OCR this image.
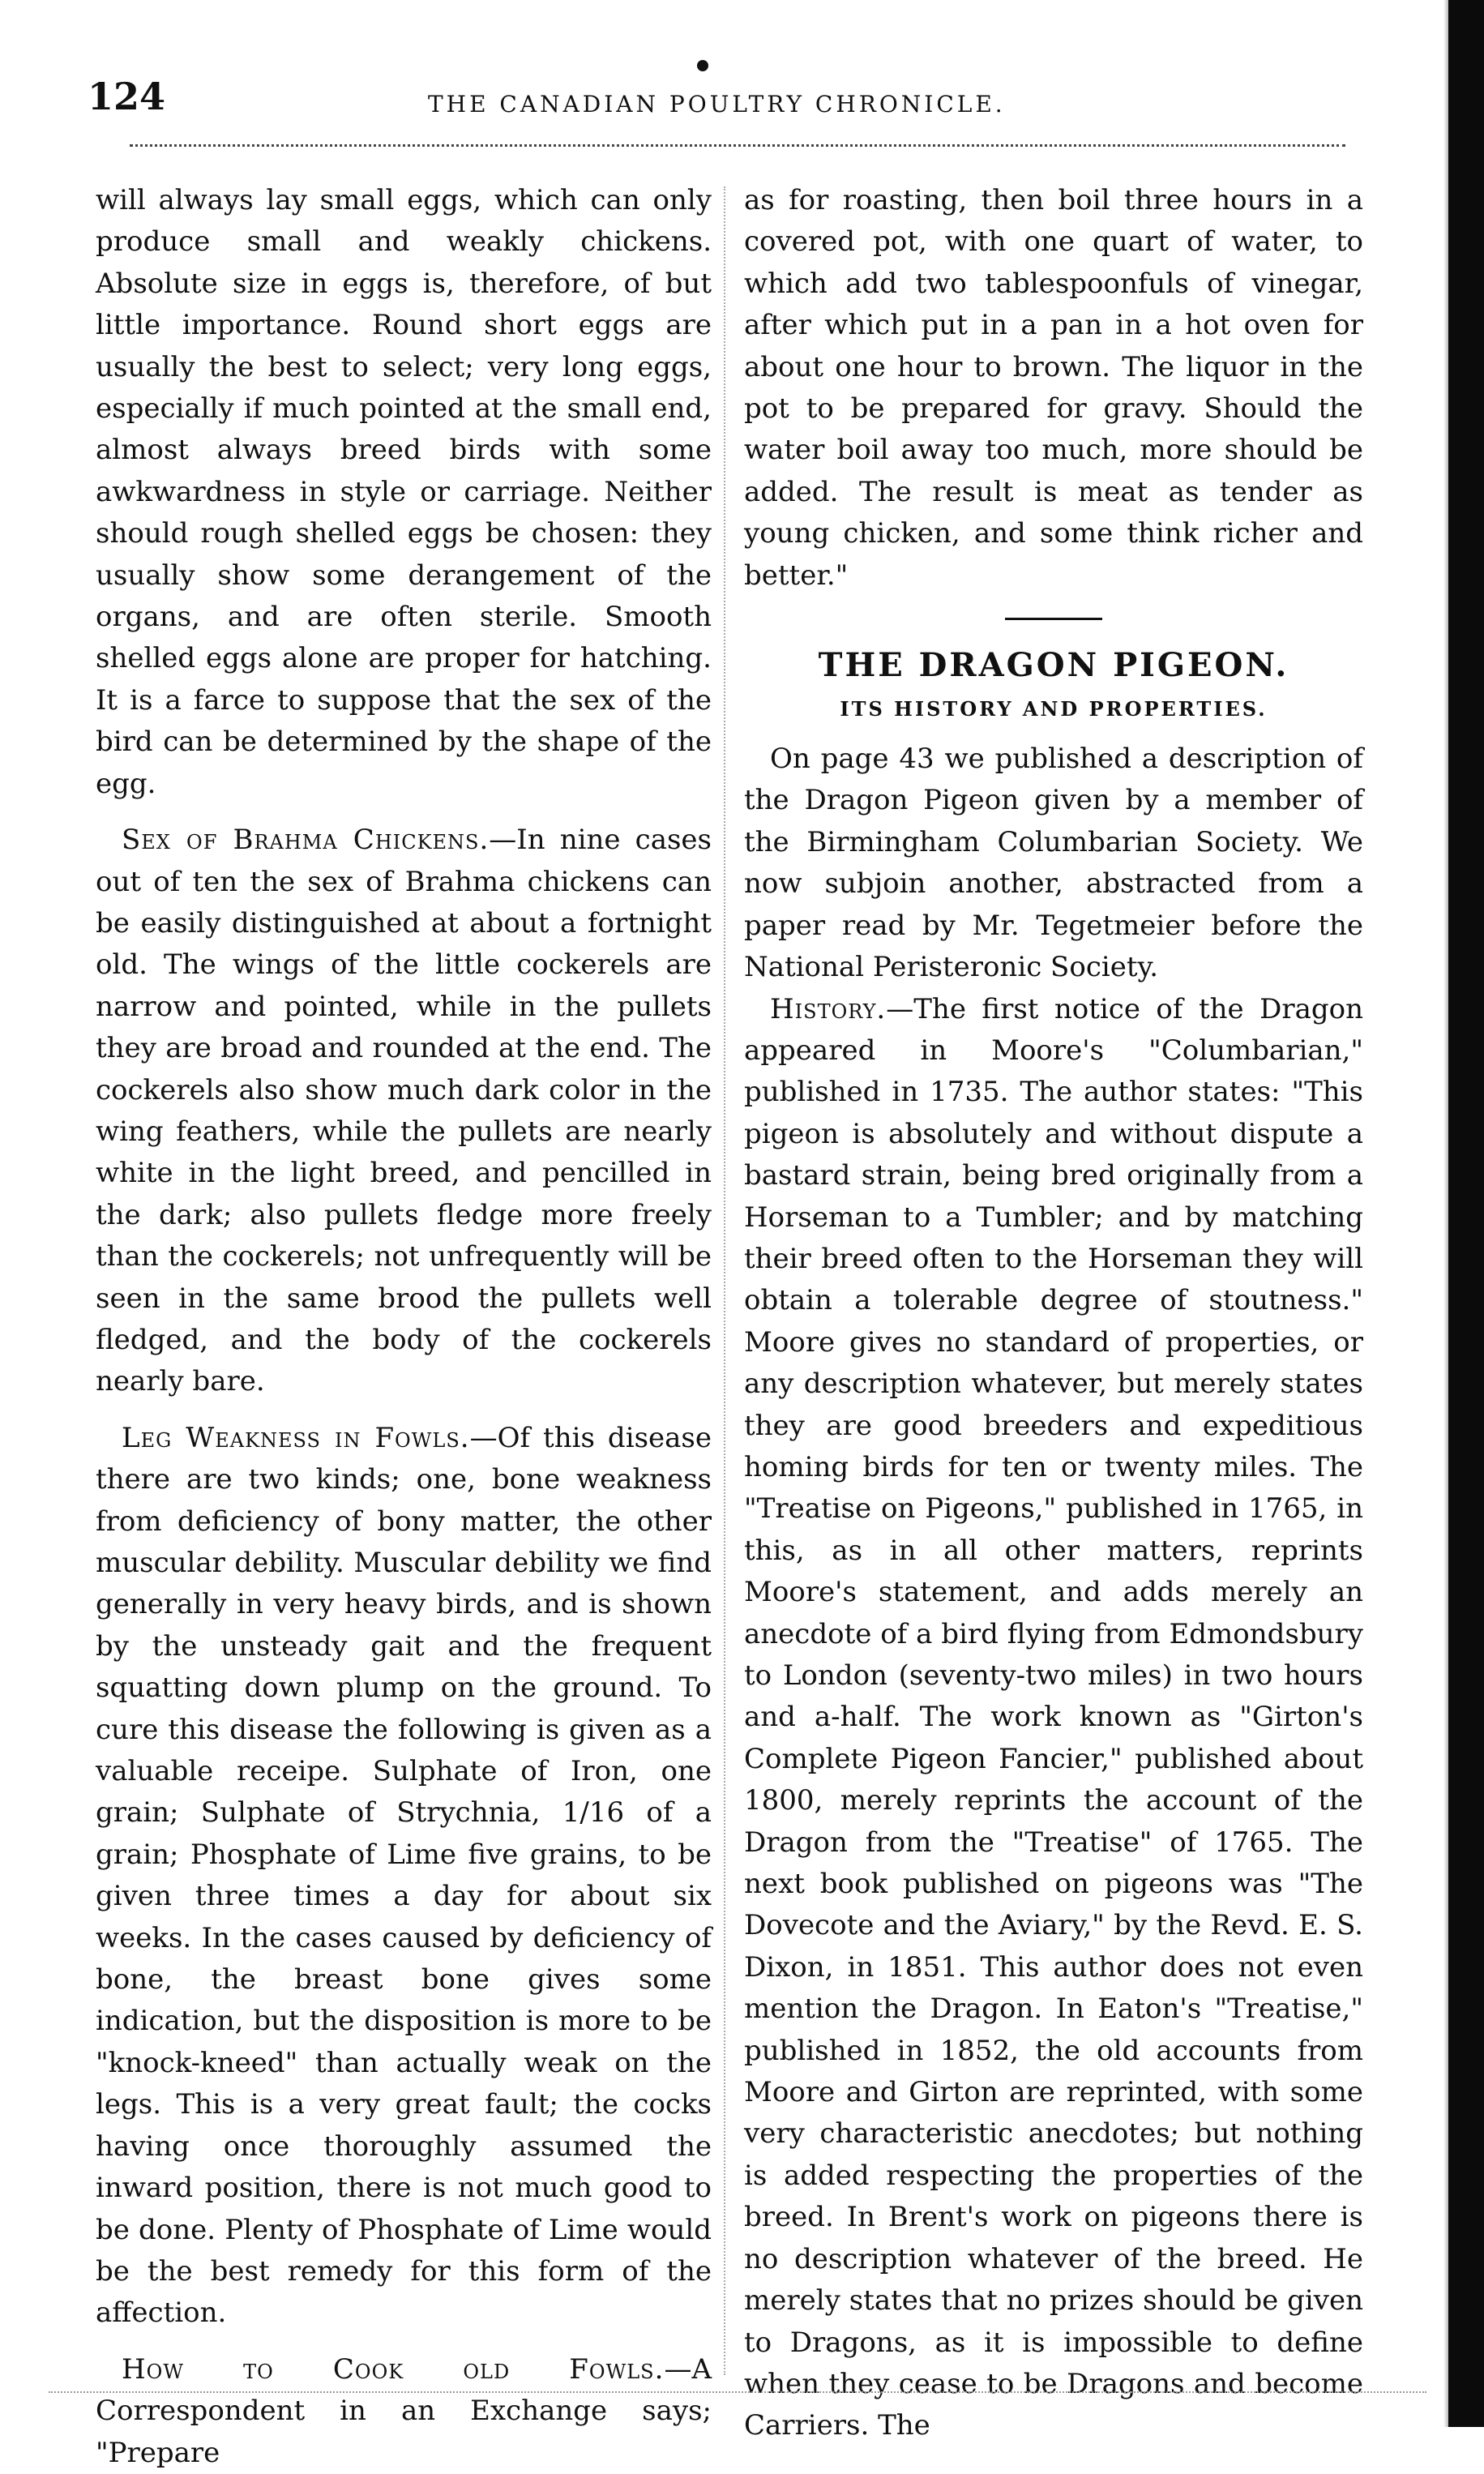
124	THE CANADIAN POULTRY CHRONICLE.

will always lay small eggs, which can only produce small and weakly chickens. Absolute size in eggs is, therefore, of but little importance. Round short eggs are usually the best to select; very long eggs, especially if much pointed at the small end, almost always breed birds with some awkwardness in style or carriage. Neither should rough shelled eggs be chosen: they usually show some derangement of the organs, and are often sterile. Smooth shelled eggs alone are proper for hatching. It is a farce to suppose that the sex of the bird can be determined by the shape of the egg.

Sex of Brahma Chickens.—In nine cases out of ten the sex of Brahma chickens can be easily distinguished at about a fortnight old. The wings of the little cockerels are narrow and pointed, while in the pullets they are broad and rounded at the end. The cockerels also show much dark color in the wing feathers, while the pullets are nearly white in the light breed, and pencilled in the dark; also pullets fledge more freely than the cockerels; not unfrequently will be seen in the same brood the pullets well fledged, and the body of the cockerels nearly bare.

Leg Weakness in Fowls.—Of this disease there are two kinds; one, bone weakness from deficiency of bony matter, the other muscular debility. Muscular debility we find generally in very heavy birds, and is shown by the unsteady gait and the frequent squatting down plump on the ground. To cure this disease the following is given as a valuable receipe. Sulphate of Iron, one grain; Sulphate of Strychnia, 1/16 of a grain; Phosphate of Lime five grains, to be given three times a day for about six weeks. In the cases caused by deficiency of bone, the breast bone gives some indication, but the disposition is more to be "knock-kneed" than actually weak on the legs. This is a very great fault; the cocks having once thoroughly assumed the inward position, there is not much good to be done. Plenty of Phosphate of Lime would be the best remedy for this form of the affection.

How to Cook old Fowls.—A Correspondent in an Exchange says; "Prepare

as for roasting, then boil three hours in a covered pot, with one quart of water, to which add two tablespoonfuls of vinegar, after which put in a pan in a hot oven for about one hour to brown. The liquor in the pot to be prepared for gravy. Should the water boil away too much, more should be added. The result is meat as tender as young chicken, and some think richer and better."

THE DRAGON PIGEON.
ITS HISTORY AND PROPERTIES.

On page 43 we published a description of the Dragon Pigeon given by a member of the Birmingham Columbarian Society. We now subjoin another, abstracted from a paper read by Mr. Tegetmeier before the National Peristeronic Society.

History.—The first notice of the Dragon appeared in Moore's "Columbarian," published in 1735. The author states: "This pigeon is absolutely and without dispute a bastard strain, being bred originally from a Horseman to a Tumbler; and by matching their breed often to the Horseman they will obtain a tolerable degree of stoutness." Moore gives no standard of properties, or any description whatever, but merely states they are good breeders and expeditious homing birds for ten or twenty miles. The "Treatise on Pigeons," published in 1765, in this, as in all other matters, reprints Moore's statement, and adds merely an anecdote of a bird flying from Edmondsbury to London (seventy-two miles) in two hours and a-half. The work known as "Girton's Complete Pigeon Fancier," published about 1800, merely reprints the account of the Dragon from the "Treatise" of 1765. The next book published on pigeons was "The Dovecote and the Aviary," by the Revd. E. S. Dixon, in 1851. This author does not even mention the Dragon. In Eaton's "Treatise," published in 1852, the old accounts from Moore and Girton are reprinted, with some very characteristic anecdotes; but nothing is added respecting the properties of the breed. In Brent's work on pigeons there is no description whatever of the breed. He merely states that no prizes should be given to Dragons, as it is impossible to define when they cease to be Dragons and become Carriers. The
